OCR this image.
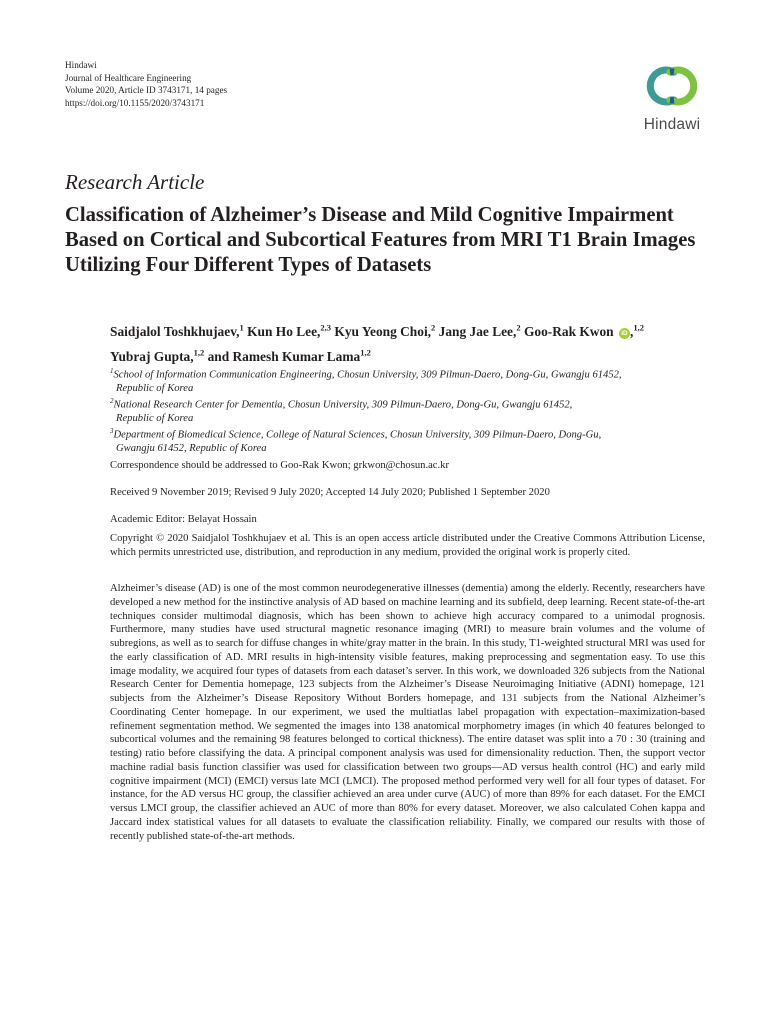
Hindawi
Journal of Healthcare Engineering
Volume 2020, Article ID 3743171, 14 pages
https://doi.org/10.1155/2020/3743171
Hindawi
Research Article
Classification of Alzheimer’s Disease and Mild Cognitive Impairment Based on Cortical and Subcortical Features from MRI T1 Brain Images Utilizing Four Different Types of Datasets
Saidjalol Toshkhujaev,$^1$ Kun Ho Lee,$^{2,3}$ Kyu Yeong Choi,$^2$ Jang Jae Lee,$^2$ Goo-Rak Kwon iD ,$^{1,2}$
Yubraj Gupta,$^{1,2}$ and Ramesh Kumar Lama$^{1,2}$
$^1$School of Information Communication Engineering, Chosun University, 309 Pilmun-Daero, Dong-Gu, Gwangju 61452,
Republic of Korea
$^2$National Research Center for Dementia, Chosun University, 309 Pilmun-Daero, Dong-Gu, Gwangju 61452,
Republic of Korea
$^3$Department of Biomedical Science, College of Natural Sciences, Chosun University, 309 Pilmun-Daero, Dong-Gu,
Gwangju 61452, Republic of Korea
Correspondence should be addressed to Goo-Rak Kwon; grkwon@chosun.ac.kr
Received 9 November 2019; Revised 9 July 2020; Accepted 14 July 2020; Published 1 September 2020
Academic Editor: Belayat Hossain
Copyright © 2020 Saidjalol Toshkhujaev et al. This is an open access article distributed under the Creative Commons Attribution License, which permits unrestricted use, distribution, and reproduction in any medium, provided the original work is properly cited.
Alzheimer’s disease (AD) is one of the most common neurodegenerative illnesses (dementia) among the elderly. Recently, researchers have developed a new method for the instinctive analysis of AD based on machine learning and its subfield, deep learning. Recent state-of-the-art techniques consider multimodal diagnosis, which has been shown to achieve high accuracy compared to a unimodal prognosis. Furthermore, many studies have used structural magnetic resonance imaging (MRI) to measure brain volumes and the volume of subregions, as well as to search for diffuse changes in white/gray matter in the brain. In this study, T1-weighted structural MRI was used for the early classification of AD. MRI results in high-intensity visible features, making preprocessing and segmentation easy. To use this image modality, we acquired four types of datasets from each dataset’s server. In this work, we downloaded 326 subjects from the National Research Center for Dementia homepage, 123 subjects from the Alzheimer’s Disease Neuroimaging Initiative (ADNI) homepage, 121 subjects from the Alzheimer’s Disease Repository Without Borders homepage, and 131 subjects from the National Alzheimer’s Coordinating Center homepage. In our experiment, we used the multiatlas label propagation with expectation–maximization-based refinement segmentation method. We segmented the images into 138 anatomical morphometry images (in which 40 features belonged to subcortical volumes and the remaining 98 features belonged to cortical thickness). The entire dataset was split into a 70 : 30 (training and testing) ratio before classifying the data. A principal component analysis was used for dimensionality reduction. Then, the support vector machine radial basis function classifier was used for classification between two groups—AD versus health control (HC) and early mild cognitive impairment (MCI) (EMCI) versus late MCI (LMCI). The proposed method performed very well for all four types of dataset. For instance, for the AD versus HC group, the classifier achieved an area under curve (AUC) of more than 89% for each dataset. For the EMCI versus LMCI group, the classifier achieved an AUC of more than 80% for every dataset. Moreover, we also calculated Cohen kappa and Jaccard index statistical values for all datasets to evaluate the classification reliability. Finally, we compared our results with those of recently published state-of-the-art methods.
